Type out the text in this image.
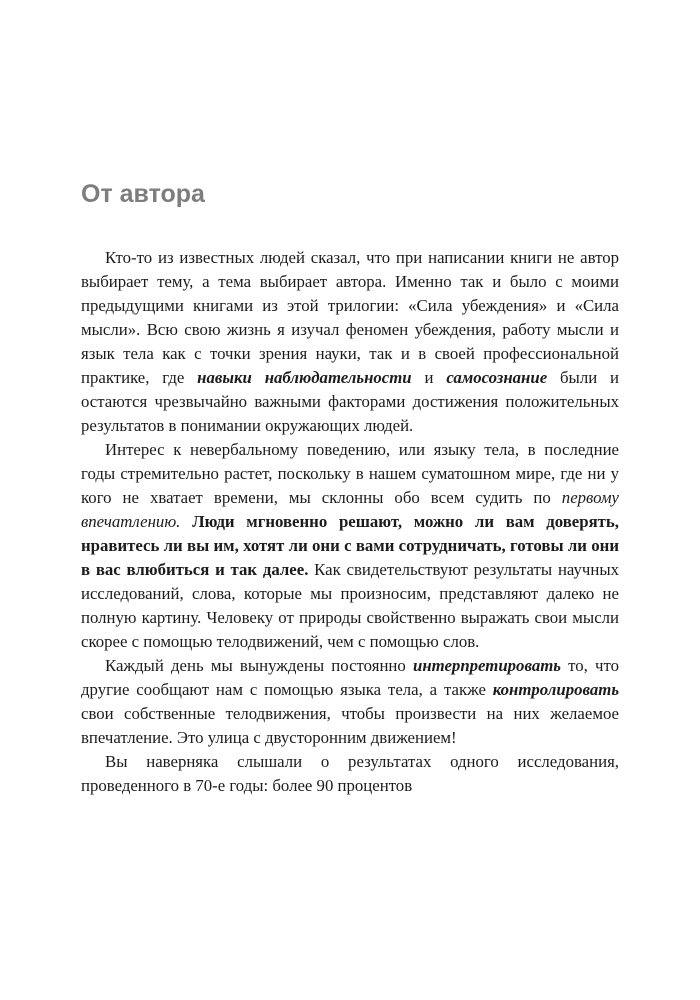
От автора

Кто-то из известных людей сказал, что при написании книги не автор выбирает тему, а тема выбирает автора. Именно так и было с моими предыдущими книгами из этой трилогии: «Сила убеждения» и «Сила мысли». Всю свою жизнь я изучал феномен убеждения, работу мысли и язык тела как с точки зрения науки, так и в своей профессиональной практике, где навыки наблюдательности и самосознание были и остаются чрезвычайно важными факторами достижения положительных результатов в понимании окружающих людей.

Интерес к невербальному поведению, или языку тела, в последние годы стремительно растет, поскольку в нашем суматошном мире, где ни у кого не хватает времени, мы склонны обо всем судить по первому впечатлению. Люди мгновенно решают, можно ли вам доверять, нравитесь ли вы им, хотят ли они с вами сотрудничать, готовы ли они в вас влюбиться и так далее. Как свидетельствуют результаты научных исследований, слова, которые мы произносим, представляют далеко не полную картину. Человеку от природы свойственно выражать свои мысли скорее с помощью телодвижений, чем с помощью слов.

Каждый день мы вынуждены постоянно интерпретировать то, что другие сообщают нам с помощью языка тела, а также контролировать свои собственные телодвижения, чтобы произвести на них желаемое впечатление. Это улица с двусторонним движением!

Вы наверняка слышали о результатах одного исследования, проведенного в 70-е годы: более 90 процентов
